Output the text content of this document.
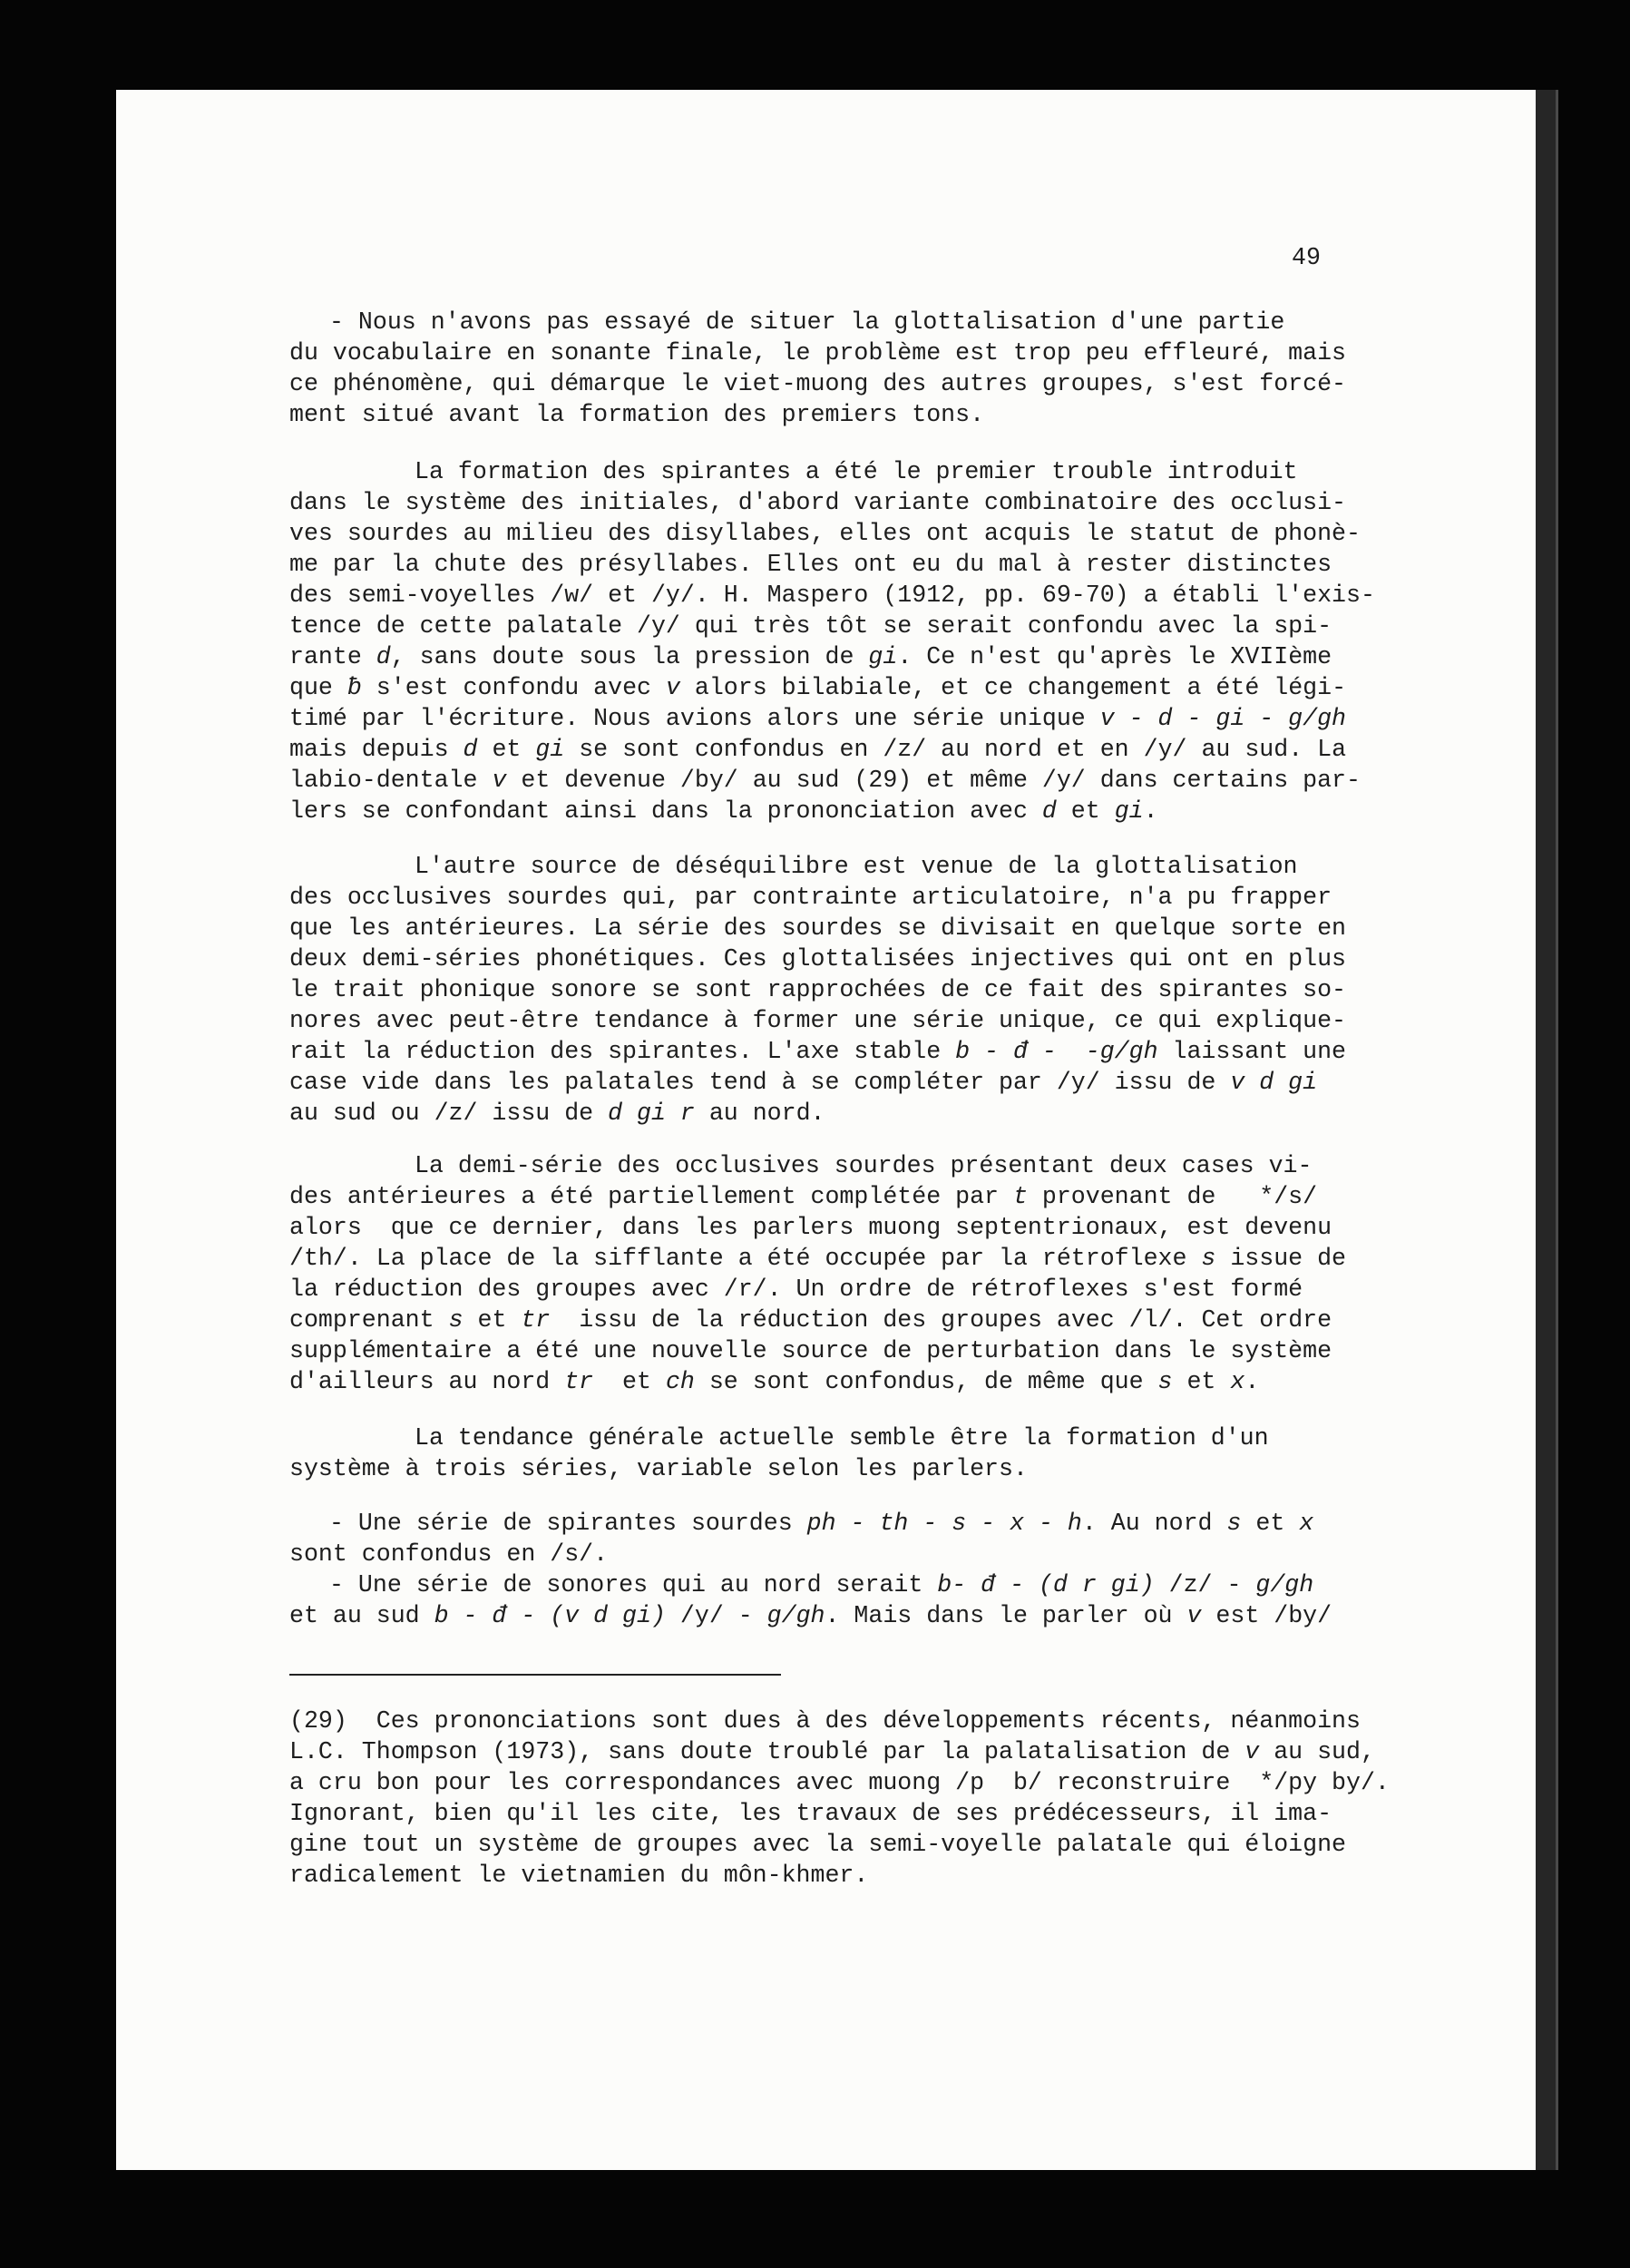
49
- Nous n'avons pas essayé de situer la glottalisation d'une partie
du vocabulaire en sonante finale, le problème est trop peu effleuré, mais
ce phénomène, qui démarque le viet-muong des autres groupes, s'est forcé-
ment situé avant la formation des premiers tons.
La formation des spirantes a été le premier trouble introduit
dans le système des initiales, d'abord variante combinatoire des occlusi-
ves sourdes au milieu des disyllabes, elles ont acquis le statut de phonè-
me par la chute des présyllabes. Elles ont eu du mal à rester distinctes
des semi-voyelles /w/ et /y/. H. Maspero (1912, pp. 69-70) a établi l'exis-
tence de cette palatale /y/ qui très tôt se serait confondu avec la spi-
rante d, sans doute sous la pression de gi. Ce n'est qu'après le XVIIème
que ƀ s'est confondu avec v alors bilabiale, et ce changement a été légi-
timé par l'écriture. Nous avions alors une série unique v - d - gi - g/gh
mais depuis d et gi se sont confondus en /z/ au nord et en /y/ au sud. La
labio-dentale v et devenue /by/ au sud (29) et même /y/ dans certains par-
lers se confondant ainsi dans la prononciation avec d et gi.
L'autre source de déséquilibre est venue de la glottalisation
des occlusives sourdes qui, par contrainte articulatoire, n'a pu frapper
que les antérieures. La série des sourdes se divisait en quelque sorte en
deux demi-séries phonétiques. Ces glottalisées injectives qui ont en plus
le trait phonique sonore se sont rapprochées de ce fait des spirantes so-
nores avec peut-être tendance à former une série unique, ce qui explique-
rait la réduction des spirantes. L'axe stable b - đ -  -g/gh laissant une
case vide dans les palatales tend à se compléter par /y/ issu de v d gi
au sud ou /z/ issu de d gi r au nord.
La demi-série des occlusives sourdes présentant deux cases vi-
des antérieures a été partiellement complétée par t provenant de   */s/
alors  que ce dernier, dans les parlers muong septentrionaux, est devenu
/th/. La place de la sifflante a été occupée par la rétroflexe s issue de
la réduction des groupes avec /r/. Un ordre de rétroflexes s'est formé
comprenant s et tr  issu de la réduction des groupes avec /l/. Cet ordre
supplémentaire a été une nouvelle source de perturbation dans le système
d'ailleurs au nord tr  et ch se sont confondus, de même que s et x.
La tendance générale actuelle semble être la formation d'un
système à trois séries, variable selon les parlers.
- Une série de spirantes sourdes ph - th - s - x - h. Au nord s et x
sont confondus en /s/.
- Une série de sonores qui au nord serait b- đ - (d r gi) /z/ - g/gh
et au sud b - đ - (v d gi) /y/ - g/gh. Mais dans le parler où v est /by/
(29)  Ces prononciations sont dues à des développements récents, néanmoins
L.C. Thompson (1973), sans doute troublé par la palatalisation de v au sud,
a cru bon pour les correspondances avec muong /p  b/ reconstruire  */py by/.
Ignorant, bien qu'il les cite, les travaux de ses prédécesseurs, il ima-
gine tout un système de groupes avec la semi-voyelle palatale qui éloigne
radicalement le vietnamien du môn-khmer.
